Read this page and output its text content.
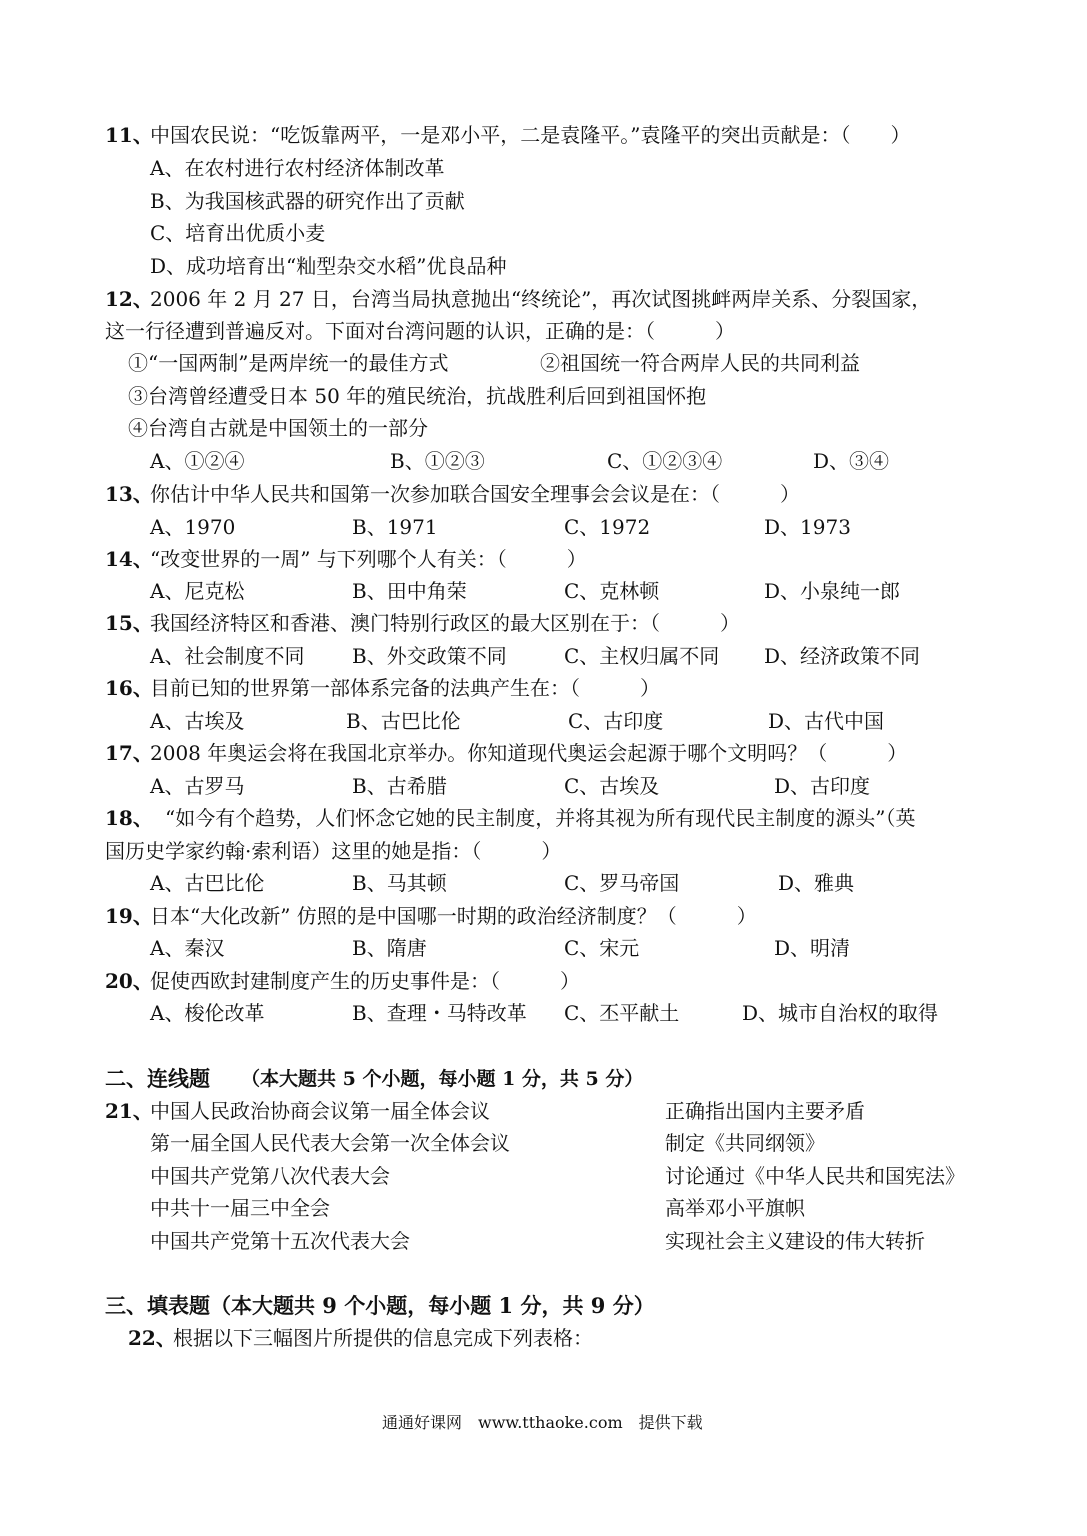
11、
中国农民说：“吃饭靠两平，一是邓小平，二是袁隆平。”袁隆平的突出贡献是：（　　）
A、在农村进行农村经济体制改革
B、为我国核武器的研究作出了贡献
C、培育出优质小麦
D、成功培育出“籼型杂交水稻”优良品种
12、
2006 年 2 月 27 日，台湾当局执意抛出“终统论”，再次试图挑衅两岸关系、分裂国家，
这一行径遭到普遍反对。下面对台湾问题的认识，正确的是：（　　　）
①“一国两制”是两岸统一的最佳方式	②祖国统一符合两岸人民的共同利益
③台湾曾经遭受日本 50 年的殖民统治，抗战胜利后回到祖国怀抱
④台湾自古就是中国领土的一部分
A、①②④	B、①②③	C、①②③④	D、③④
13、
你估计中华人民共和国第一次参加联合国安全理事会会议是在：（　　　）
A、1970	B、1971	C、1972	D、1973
14、
“改变世界的一周” 与下列哪个人有关：（　　　）
A、尼克松	B、田中角荣	C、克林顿	D、小泉纯一郎
15、
我国经济特区和香港、澳门特别行政区的最大区别在于：（　　　）
A、社会制度不同 B、外交政策不同	C、主权归属不同 D、经济政策不同
16、
目前已知的世界第一部体系完备的法典产生在：（　　　）
A、古埃及	B、古巴比伦	C、古印度	D、古代中国
17、
2008 年奥运会将在我国北京举办。你知道现代奥运会起源于哪个文明吗？（　　　）
A、古罗马	B、古希腊	C、古埃及	D、古印度
18、 “如今有个趋势，人们怀念它她的民主制度，并将其视为所有现代民主制度的源头”（英
国历史学家约翰·索利语）这里的她是指：（　　　）
A、古巴比伦	B、马其顿	C、罗马帝国	D、雅典
19、
日本“大化改新” 仿照的是中国哪一时期的政治经济制度？（　　　）
A、秦汉	B、隋唐	C、宋元	D、明清
20、
促使西欧封建制度产生的历史事件是：（　　　）
A、梭伦改革	B、查理・马特改革 C、丕平献土	D、城市自治权的取得
二、连线题 （本大题共 5 个小题，每小题 1 分，共 5 分）
21、
中国人民政治协商会议第一届全体会议	正确指出国内主要矛盾
第一届全国人民代表大会第一次全体会议	制定《共同纲领》
中国共产党第八次代表大会	讨论通过《中华人民共和国宪法》
中共十一届三中全会	高举邓小平旗帜
中国共产党第十五次代表大会	实现社会主义建设的伟大转折
三、填表题（本大题共 9 个小题，每小题 1 分，共 9 分）
22、
根据以下三幅图片所提供的信息完成下列表格：
通通好课网　www.tthaoke.com　提供下载
